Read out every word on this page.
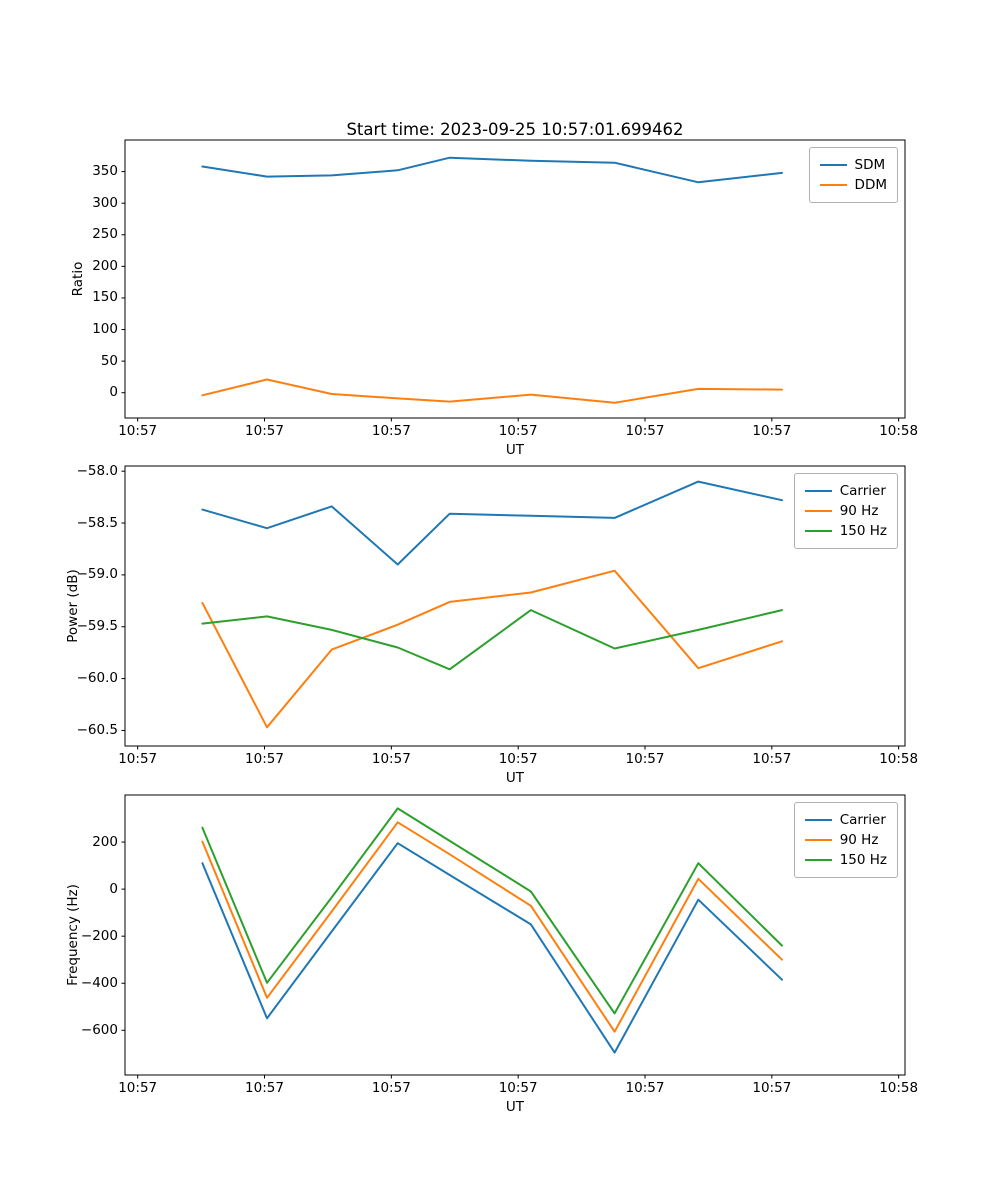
Start time: 2023-09-25 10:57:01.699462
Ratio
Power (dB)
Frequency (Hz)
UT
UT
UT
SDM
DDM
Carrier
90 Hz
150 Hz
Carrier
90 Hz
150 Hz
10:57	10:57	10:57	10:57	10:57	10:57	10:58
0
50
100
150
200
250
300
350
10:57	10:57	10:57	10:57	10:57	10:57	10:58
−58.0
−58.5
−59.0
−59.5
−60.0
−60.5
10:57	10:57	10:57	10:57	10:57	10:57	10:58
200
0
−200
−400
−600
